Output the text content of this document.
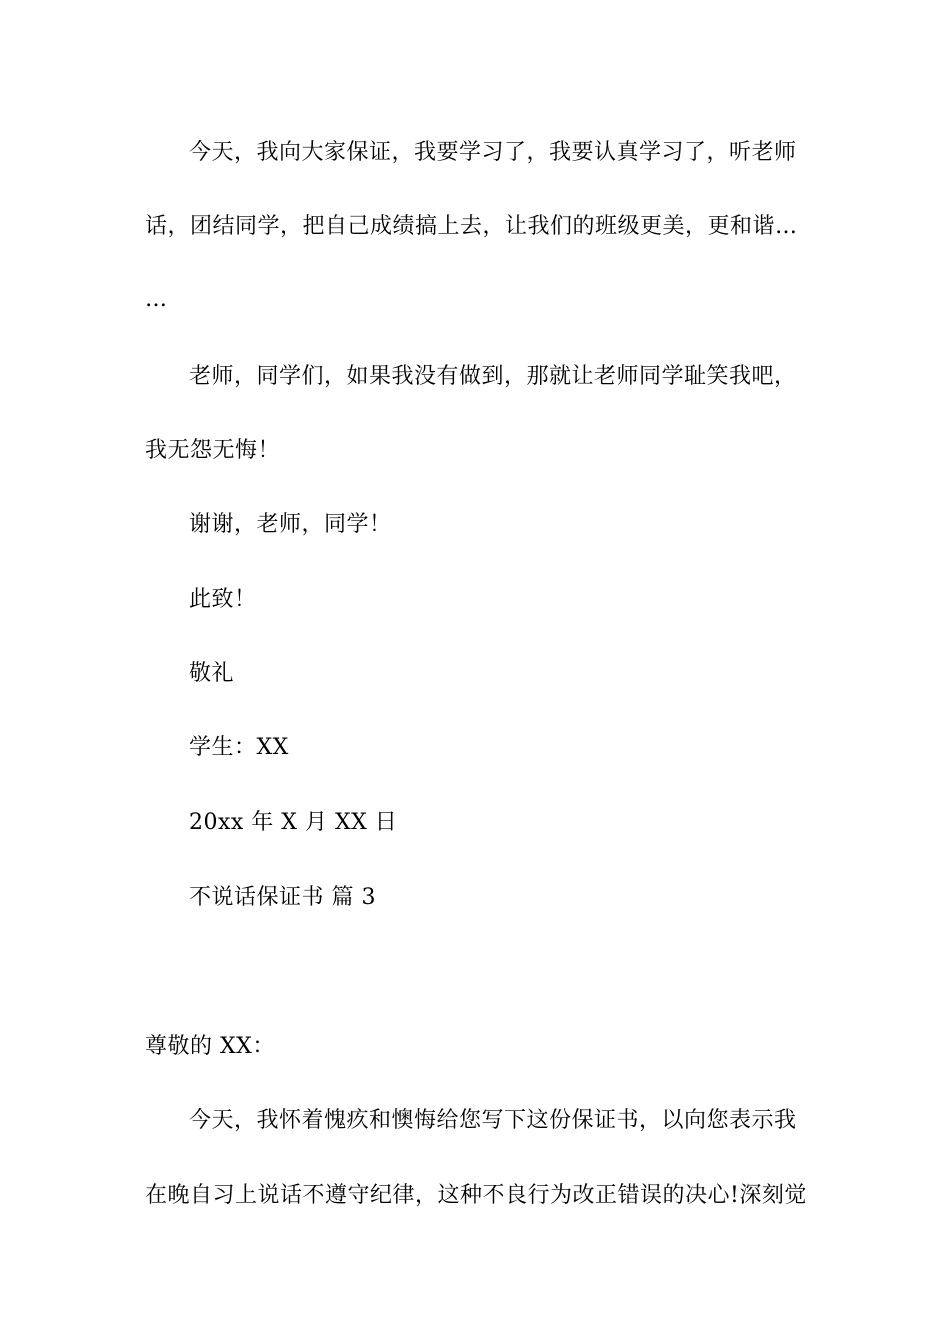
今天，我向大家保证，我要学习了，我要认真学习了，听老师
话，团结同学，把自己成绩搞上去，让我们的班级更美，更和谐…
…
老师，同学们，如果我没有做到，那就让老师同学耻笑我吧，
我无怨无悔！
谢谢，老师，同学！
此致！
敬礼
学生：XX
20xx 年 X 月 XX 日
不说话保证书 篇 3
尊敬的 XX：
今天，我怀着愧疚和懊悔给您写下这份保证书，以向您表示我
在晚自习上说话不遵守纪律，这种不良行为改正错误的决心!深刻觉
